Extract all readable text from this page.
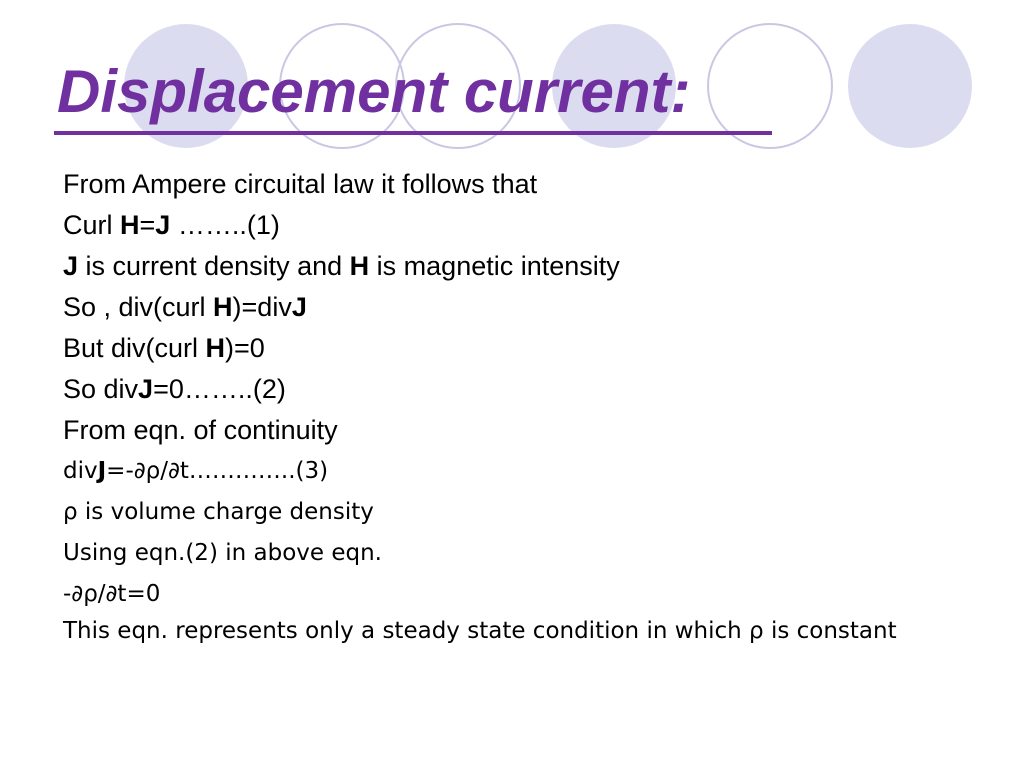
Displacement current:
From Ampere circuital law it follows that
Curl H=J ……..(1)
J is current density and H is magnetic intensity
So , div(curl H)=divJ
But div(curl H)=0
So divJ=0……..(2)
From eqn. of continuity
divJ=-∂ρ/∂t…………..(3)
ρ is volume charge density
Using eqn.(2) in above eqn.
-∂ρ/∂t=0
This eqn. represents only a steady state condition in which ρ is constant
